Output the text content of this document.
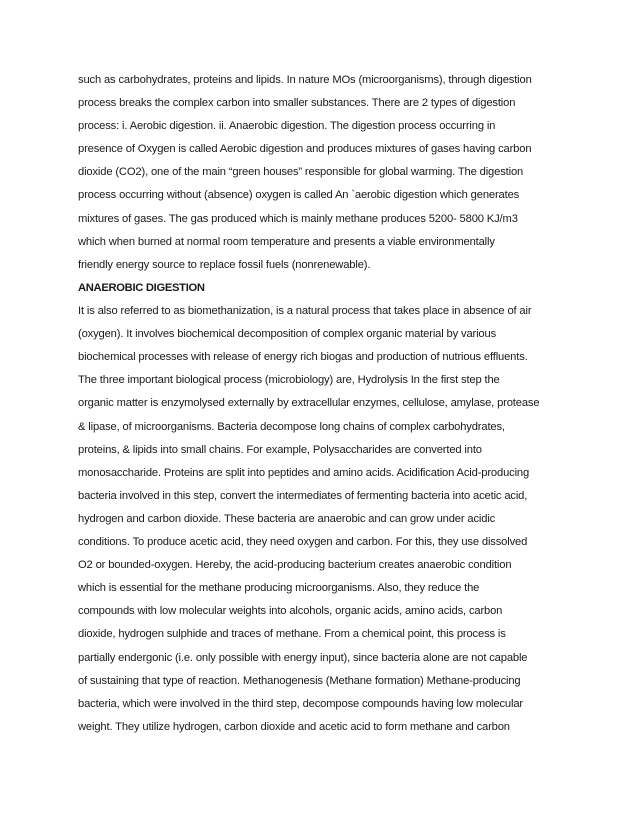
such as carbohydrates, proteins and lipids. In nature MOs (microorganisms), through digestion
process breaks the complex carbon into smaller substances. There are 2 types of digestion
process: i. Aerobic digestion. ii. Anaerobic digestion. The digestion process occurring in
presence of Oxygen is called Aerobic digestion and produces mixtures of gases having carbon
dioxide (CO2), one of the main “green houses” responsible for global warming. The digestion
process occurring without (absence) oxygen is called An `aerobic digestion which generates
mixtures of gases. The gas produced which is mainly methane produces 5200- 5800 KJ/m3
which when burned at normal room temperature and presents a viable environmentally
friendly energy source to replace fossil fuels (nonrenewable).
ANAEROBIC DIGESTION
It is also referred to as biomethanization, is a natural process that takes place in absence of air
(oxygen). It involves biochemical decomposition of complex organic material by various
biochemical processes with release of energy rich biogas and production of nutrious effluents.
The three important biological process (microbiology) are, Hydrolysis In the first step the
organic matter is enzymolysed externally by extracellular enzymes, cellulose, amylase, protease
& lipase, of microorganisms. Bacteria decompose long chains of complex carbohydrates,
proteins, & lipids into small chains. For example, Polysaccharides are converted into
monosaccharide. Proteins are split into peptides and amino acids. Acidification Acid-producing
bacteria involved in this step, convert the intermediates of fermenting bacteria into acetic acid,
hydrogen and carbon dioxide. These bacteria are anaerobic and can grow under acidic
conditions. To produce acetic acid, they need oxygen and carbon. For this, they use dissolved
O2 or bounded-oxygen. Hereby, the acid-producing bacterium creates anaerobic condition
which is essential for the methane producing microorganisms. Also, they reduce the
compounds with low molecular weights into alcohols, organic acids, amino acids, carbon
dioxide, hydrogen sulphide and traces of methane. From a chemical point, this process is
partially endergonic (i.e. only possible with energy input), since bacteria alone are not capable
of sustaining that type of reaction. Methanogenesis (Methane formation) Methane-producing
bacteria, which were involved in the third step, decompose compounds having low molecular
weight. They utilize hydrogen, carbon dioxide and acetic acid to form methane and carbon
